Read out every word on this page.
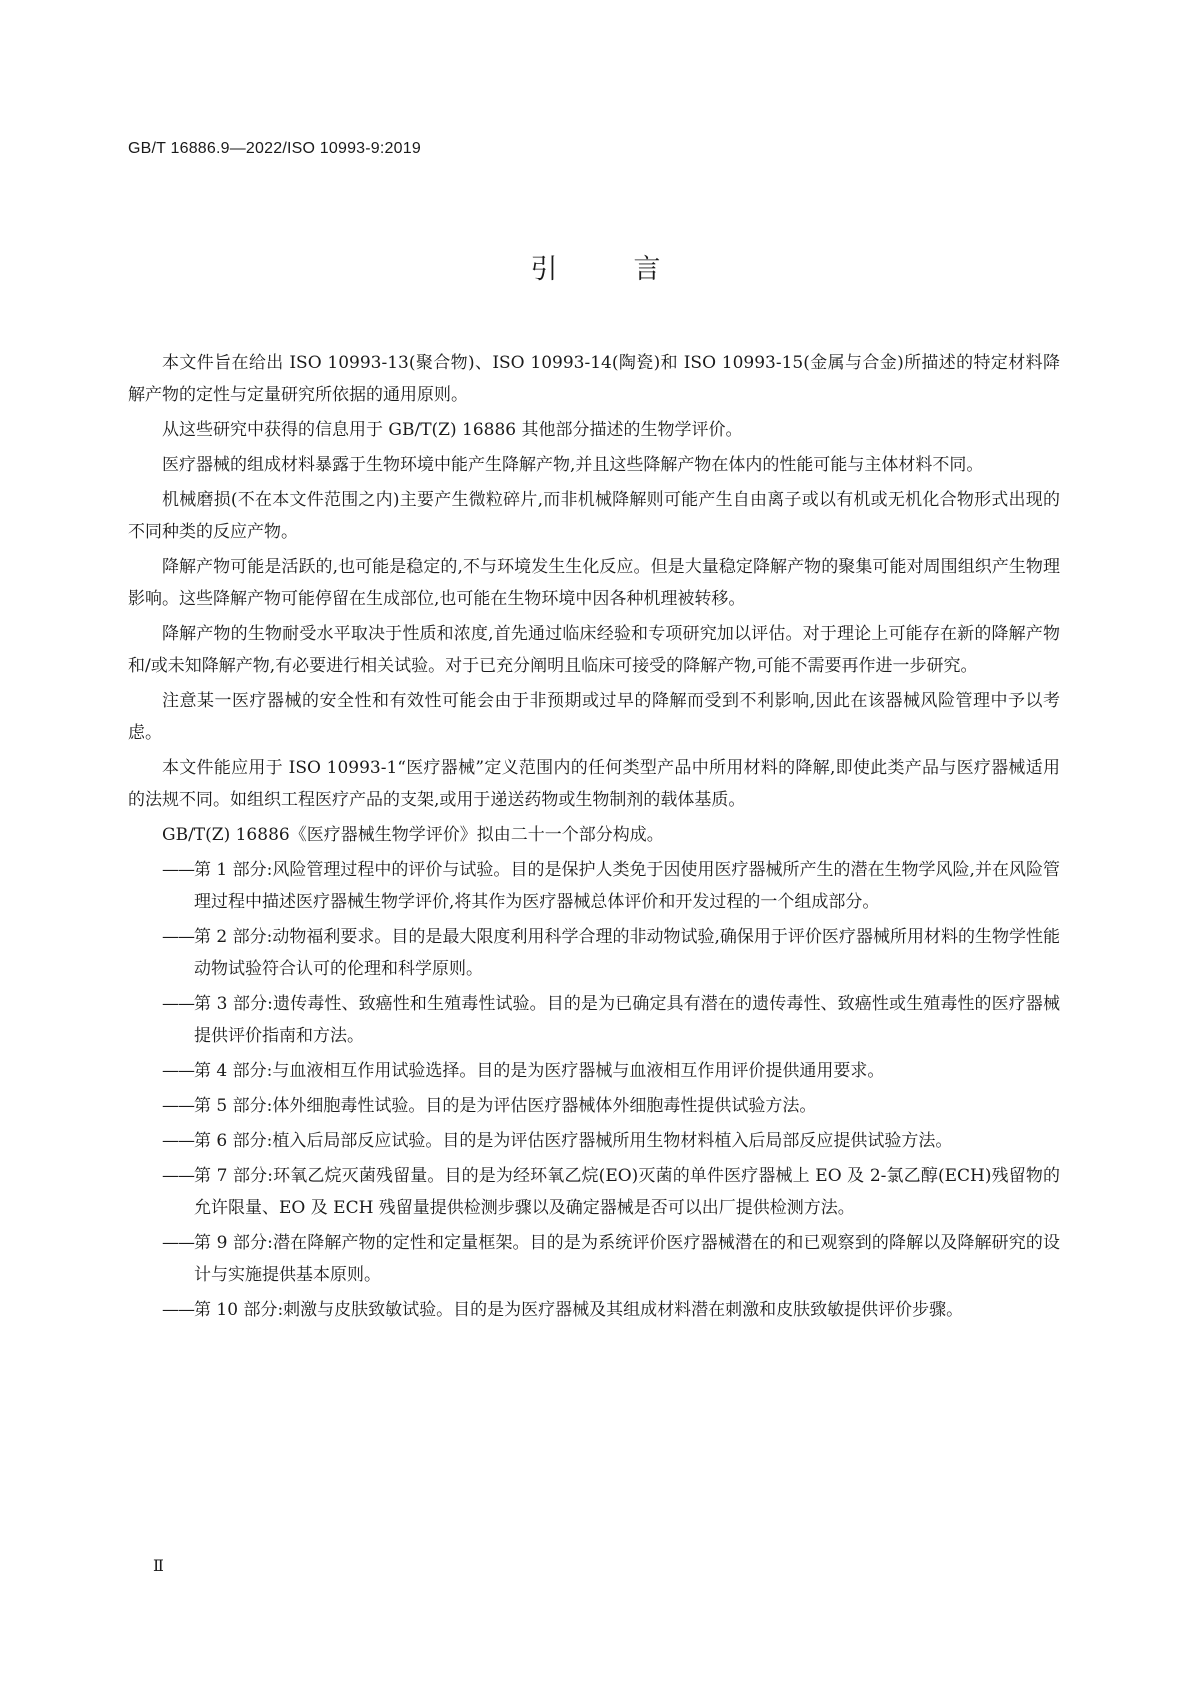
GB/T 16886.9—2022/ISO 10993-9:2019
引言

本文件旨在给出 ISO 10993-13(聚合物)、ISO 10993-14(陶瓷)和 ISO 10993-15(金属与合金)所描述的特定材料降解产物的定性与定量研究所依据的通用原则。

从这些研究中获得的信息用于 GB/T(Z) 16886 其他部分描述的生物学评价。

医疗器械的组成材料暴露于生物环境中能产生降解产物,并且这些降解产物在体内的性能可能与主体材料不同。

机械磨损(不在本文件范围之内)主要产生微粒碎片,而非机械降解则可能产生自由离子或以有机或无机化合物形式出现的不同种类的反应产物。

降解产物可能是活跃的,也可能是稳定的,不与环境发生生化反应。但是大量稳定降解产物的聚集可能对周围组织产生物理影响。这些降解产物可能停留在生成部位,也可能在生物环境中因各种机理被转移。

降解产物的生物耐受水平取决于性质和浓度,首先通过临床经验和专项研究加以评估。对于理论上可能存在新的降解产物和/或未知降解产物,有必要进行相关试验。对于已充分阐明且临床可接受的降解产物,可能不需要再作进一步研究。

注意某一医疗器械的安全性和有效性可能会由于非预期或过早的降解而受到不利影响,因此在该器械风险管理中予以考虑。

本文件能应用于 ISO 10993-1“医疗器械”定义范围内的任何类型产品中所用材料的降解,即使此类产品与医疗器械适用的法规不同。如组织工程医疗产品的支架,或用于递送药物或生物制剂的载体基质。

GB/T(Z) 16886《医疗器械生物学评价》拟由二十一个部分构成。

—— 第 1 部分:风险管理过程中的评价与试验。目的是保护人类免于因使用医疗器械所产生的潜在生物学风险,并在风险管理过程中描述医疗器械生物学评价,将其作为医疗器械总体评价和开发过程的一个组成部分。
—— 第 2 部分:动物福利要求。目的是最大限度利用科学合理的非动物试验,确保用于评价医疗器械所用材料的生物学性能动物试验符合认可的伦理和科学原则。
—— 第 3 部分:遗传毒性、致癌性和生殖毒性试验。目的是为已确定具有潜在的遗传毒性、致癌性或生殖毒性的医疗器械提供评价指南和方法。
—— 第 4 部分:与血液相互作用试验选择。目的是为医疗器械与血液相互作用评价提供通用要求。
—— 第 5 部分:体外细胞毒性试验。目的是为评估医疗器械体外细胞毒性提供试验方法。
—— 第 6 部分:植入后局部反应试验。目的是为评估医疗器械所用生物材料植入后局部反应提供试验方法。
—— 第 7 部分:环氧乙烷灭菌残留量。目的是为经环氧乙烷(EO)灭菌的单件医疗器械上 EO 及 2-氯乙醇(ECH)残留物的允许限量、EO 及 ECH 残留量提供检测步骤以及确定器械是否可以出厂提供检测方法。
—— 第 9 部分:潜在降解产物的定性和定量框架。目的是为系统评价医疗器械潜在的和已观察到的降解以及降解研究的设计与实施提供基本原则。
—— 第 10 部分:刺激与皮肤致敏试验。目的是为医疗器械及其组成材料潜在刺激和皮肤致敏提供评价步骤。
Ⅱ
